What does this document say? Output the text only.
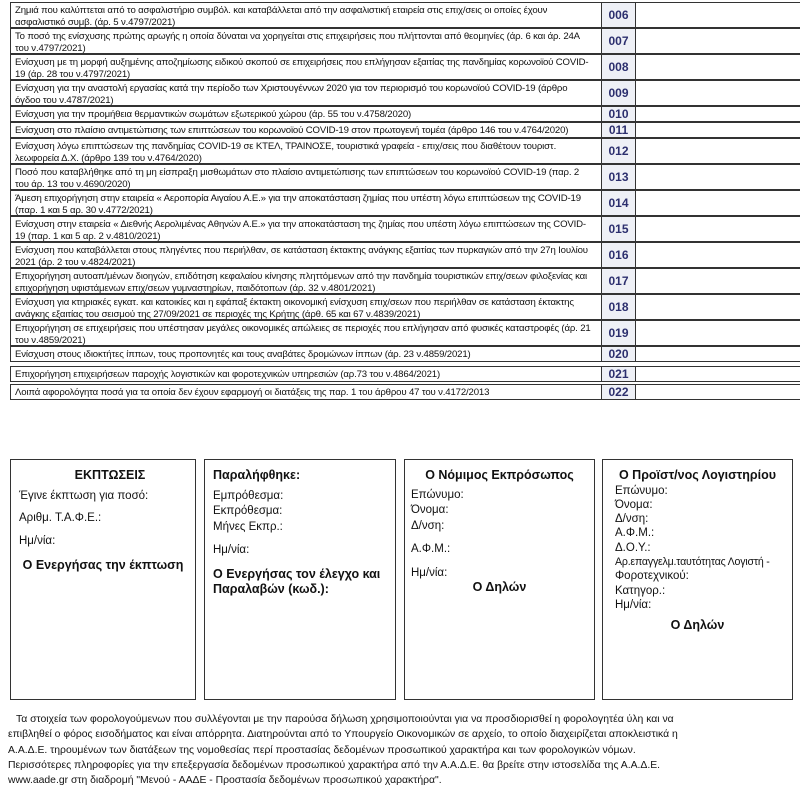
Ζημιά που καλύπτεται από το ασφαλιστήριο συμβόλ. και καταβάλλεται από την ασφαλιστική εταιρεία στις επιχ/σεις οι οποίες έχουν ασφαλιστικό συμβ. (άρ. 5 ν.4797/2021)
006
Το ποσό της ενίσχυσης πρώτης αρωγής η οποία δύναται να χορηγείται στις επιχειρήσεις που πλήττονται από θεομηνίες (άρ. 6 και άρ. 24Α του ν.4797/2021)
007
Ενίσχυση με τη μορφή αυξημένης αποζημίωσης ειδικού σκοπού σε επιχειρήσεις που επλήγησαν εξαιτίας της πανδημίας κορωνοϊού COVID-19 (άρ. 28 του ν.4797/2021)
008
Ενίσχυση για την αναστολή εργασίας κατά την περίοδο των Χριστουγέννων 2020 για τον περιορισμό του κορωνοϊού COVID-19 (άρθρο όγδοο του ν.4787/2021)
009
Ενίσχυση για την προμήθεια θερμαντικών σωμάτων εξωτερικού χώρου (άρ. 55 του ν.4758/2020)	010
Ενίσχυση στο πλαίσιο αντιμετώπισης των επιπτώσεων του κορωνοϊού COVID-19 στον πρωτογενή τομέα (άρθρο 146 του ν.4764/2020)	011
Ενίσχυση λόγω επιπτώσεων της πανδημίας COVID-19 σε ΚΤΕΛ, ΤΡΑΙΝΟΣΕ, τουριστικά γραφεία - επιχ/σεις που διαθέτουν τουριστ. λεωφορεία Δ.Χ. (άρθρο 139 του ν.4764/2020)
012
Ποσό που καταβλήθηκε από τη μη είσπραξη μισθωμάτων στο πλαίσιο αντιμετώπισης των επιπτώσεων του κορωνοϊού COVID-19 (παρ. 2 του άρ. 13 του ν.4690/2020)
013
Άμεση επιχορήγηση στην εταιρεία « Αεροπορία Αιγαίου Α.Ε.» για την αποκατάσταση ζημίας που υπέστη λόγω επιπτώσεων της COVID-19 (παρ. 1 και 5 αρ. 30 ν.4772/2021)
014
Ενίσχυση στην εταιρεία « Διεθνής Αερολιμένας Αθηνών Α.Ε.» για την αποκατάσταση της ζημίας που υπέστη λόγω επιπτώσεων της COVID-19 (παρ. 1 και 5 αρ. 2 ν.4810/2021)
015
Ενίσχυση που καταβάλλεται στους πληγέντες που περιήλθαν, σε κατάσταση έκτακτης ανάγκης εξαιτίας των πυρκαγιών από την 27η Ιουλίου 2021 (άρ. 2 του ν.4824/2021)
016
Επιχορήγηση αυτοαπ/μένων διοηγών, επιδότηση κεφαλαίου κίνησης πληττόμενων από την πανδημία τουριστικών επιχ/σεων φιλοξενίας και επιχορήγηση υφιστάμενων επιχ/σεων γυμναστηρίων, παιδότοπων (άρ. 32 ν.4801/2021)
017
Ενίσχυση για κτηριακές εγκατ. και κατοικίες και η εφάπαξ έκτακτη οικονομική ενίσχυση επιχ/σεων που περιήλθαν σε κατάσταση έκτακτης ανάγκης εξαιτίας του σεισμού της 27/09/2021 σε περιοχές της Κρήτης (άρθ. 65 και 67 ν.4839/2021)
018
Επιχορήγηση σε επιχειρήσεις που υπέστησαν μεγάλες οικονομικές απώλειες σε περιοχές που επλήγησαν από φυσικές καταστροφές (άρ. 21 του ν.4859/2021)
019
Ενίσχυση στους ιδιοκτήτες ίππων, τους προπονητές και τους αναβάτες δρομώνων ίππων (άρ. 23 ν.4859/2021)	020
Επιχορήγηση επιχειρήσεων παροχής λογιστικών και φοροτεχνικών υπηρεσιών (αρ.73 του ν.4864/2021)	021
Λοιπά αφορολόγητα ποσά για τα οποία δεν έχουν εφαρμογή οι διατάξεις της παρ. 1 του άρθρου 47 του ν.4172/2013	022
ΕΚΠΤΩΣΕΙΣ
Έγινε έκπτωση για ποσό:
Αριθμ. Τ.Α.Φ.Ε.:
Ημ/νία:
Ο Ενεργήσας την έκπτωση
Παραλήφθηκε:
Εμπρόθεσμα:
Εκπρόθεσμα:
Μήνες Εκπρ.:
Ημ/νία:
Ο Ενεργήσας τον έλεγχο και
Παραλαβών (κωδ.):
Ο Νόμιμος Εκπρόσωπος
Επώνυμο:
Όνομα:
Δ/νση:
Α.Φ.Μ.:
Ημ/νία:
Ο Δηλών
Ο Προϊστ/νος Λογιστηρίου
Επώνυμο:
Όνομα:
Δ/νση:
Α.Φ.Μ.:
Δ.Ο.Υ.:
Αρ.επαγγελμ.ταυτότητας Λογιστή -
Φοροτεχνικού:
Κατηγορ.:
Ημ/νία:
Ο Δηλών

Τα στοιχεία των φορολογούμενων που συλλέγονται με την παρούσα δήλωση χρησιμοποιούνται για να προσδιορισθεί η φορολογητέα ύλη και να

επιβληθεί ο φόρος εισοδήματος και είναι απόρρητα. Διατηρούνται από το Υπουργείο Οικονομικών σε αρχείο, το οποίο διαχειρίζεται αποκλειστικά η

Α.Α.Δ.Ε. τηρουμένων των διατάξεων της νομοθεσίας περί προστασίας δεδομένων προσωπικού χαρακτήρα και των φορολογικών νόμων.

Περισσότερες πληροφορίες για την επεξεργασία δεδομένων προσωπικού χαρακτήρα από την Α.Α.Δ.Ε. θα βρείτε στην ιστοσελίδα της Α.Α.Δ.Ε.

www.aade.gr στη διαδρομή "Μενού - ΑΑΔΕ - Προστασία δεδομένων προσωπικού χαρακτήρα".
